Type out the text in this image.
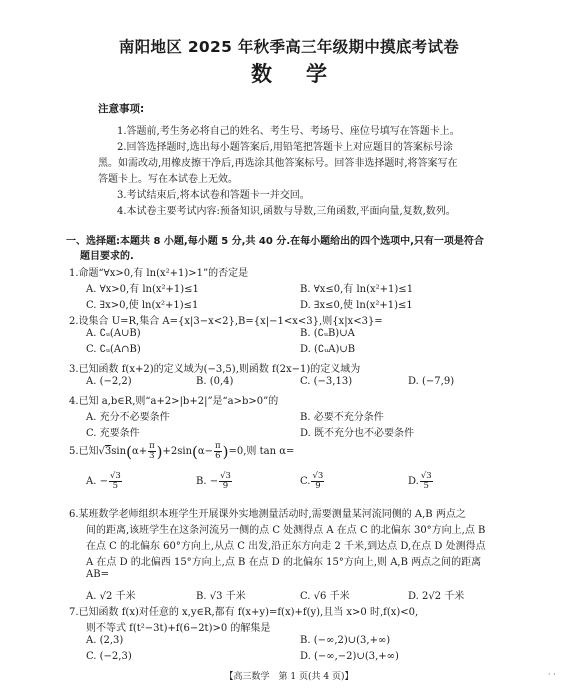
南阳地区 2025 年秋季高三年级期中摸底考试卷
数学
注意事项:
1.答题前,考生务必将自己的姓名、考生号、考场号、座位号填写在答题卡上。
2.回答选择题时,选出每小题答案后,用铅笔把答题卡上对应题目的答案标号涂
黑。如需改动,用橡皮擦干净后,再选涂其他答案标号。回答非选择题时,将答案写在
答题卡上。写在本试卷上无效。
3.考试结束后,将本试卷和答题卡一并交回。
4.本试卷主要考试内容:预备知识,函数与导数,三角函数,平面向量,复数,数列。
一、选择题:本题共 8 小题,每小题 5 分,共 40 分.在每小题给出的四个选项中,只有一项是符合
题目要求的.
1.命题“∀x>0,有 ln(x²+1)>1”的否定是
A. ∀x>0,有 ln(x²+1)≤1	B. ∀x≤0,有 ln(x²+1)≤1
C. ∃x>0,使 ln(x²+1)≤1	D. ∃x≤0,使 ln(x²+1)≤1
2.设集合 U=R,集合 A={x|3−x<2},B={x|−1<x<3},则{x|x<3}=
A. ∁ᵤ(A∪B)	B. (∁ᵤB)∪A
C. ∁ᵤ(A∩B)	D. (∁ᵤA)∪B
3.已知函数 f(x+2)的定义域为(−3,5),则函数 f(2x−1)的定义域为
A. (−2,2)	B. (0,4)	C. (−3,13)	D. (−7,9)
4.已知 a,b∈R,则“a+2>|b+2|”是“a>b>0”的
A. 充分不必要条件	B. 必要不充分条件
C. 充要条件	D. 既不充分也不必要条件
5.已知$√3\sin(\alpha+ \frac{\pi}{3} )+2\sin(\alpha- \frac{\pi}{6} )=0$,则 tan α=
A. − $\frac{√3}{5}$	B. − $\frac{√3}{9}$	C. $\frac{√3}{9}$	D. $\frac{√3}{5}$
6.某班数学老师组织本班学生开展课外实地测量活动时,需要测量某河流同侧的 A,B 两点之
间的距离,该班学生在这条河流另一侧的点 C 处测得点 A 在点 C 的北偏东 30°方向上,点 B
在点 C 的北偏东 60°方向上,从点 C 出发,沿正东方向走 2 千米,到达点 D,在点 D 处测得点
A 在点 D 的北偏西 15°方向上,点 B 在点 D 的北偏东 15°方向上,则 A,B 两点之间的距离
AB=
A. √2 千米	B. √3 千米	C. √6 千米	D. 2√2 千米
7.已知函数 f(x)对任意的 x,y∈R,都有 f(x+y)=f(x)+f(y),且当 x>0 时,f(x)<0,
则不等式 f(t²−3t)+f(6−2t)>0 的解集是
A. (2,3)	B. (−∞,2)∪(3,+∞)
C. (−2,3)	D. (−∞,−2)∪(3,+∞)
【高三数学　第 1 页(共 4 页)】	· ·
